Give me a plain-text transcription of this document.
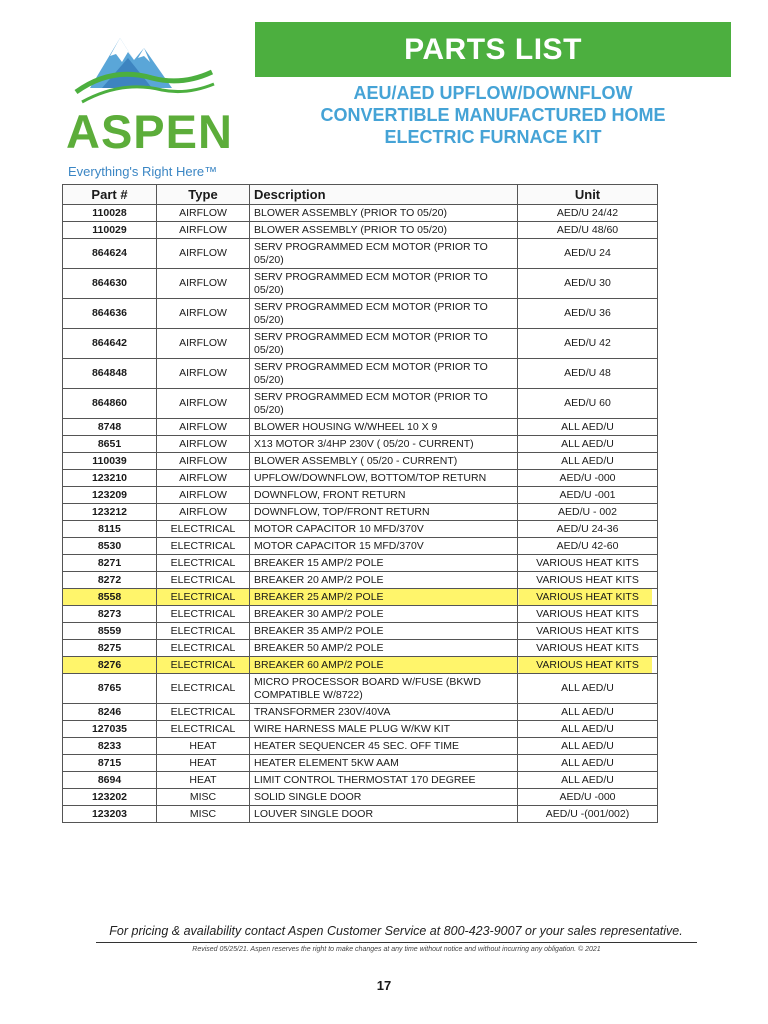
ASPEN
Everything's Right Here™
PARTS LIST
AEU/AED UPFLOW/DOWNFLOW
CONVERTIBLE MANUFACTURED HOME
ELECTRIC FURNACE KIT
Part #	Type	Description	Unit
110028	AIRFLOW	BLOWER ASSEMBLY (PRIOR TO 05/20)	AED/U 24/42
110029	AIRFLOW	BLOWER ASSEMBLY (PRIOR TO 05/20)	AED/U 48/60
864624	AIRFLOW	SERV PROGRAMMED ECM MOTOR (PRIOR TO 05/20)	AED/U 24
864630	AIRFLOW	SERV PROGRAMMED ECM MOTOR (PRIOR TO 05/20)	AED/U 30
864636	AIRFLOW	SERV PROGRAMMED ECM MOTOR (PRIOR TO 05/20)	AED/U 36
864642	AIRFLOW	SERV PROGRAMMED ECM MOTOR (PRIOR TO 05/20)	AED/U 42
864848	AIRFLOW	SERV PROGRAMMED ECM MOTOR (PRIOR TO 05/20)	AED/U 48
864860	AIRFLOW	SERV PROGRAMMED ECM MOTOR (PRIOR TO 05/20)	AED/U 60
8748	AIRFLOW	BLOWER HOUSING W/WHEEL 10 X 9	ALL AED/U
8651	AIRFLOW	X13 MOTOR 3/4HP 230V ( 05/20 - CURRENT)	ALL AED/U
110039	AIRFLOW	BLOWER ASSEMBLY ( 05/20 - CURRENT)	ALL AED/U
123210	AIRFLOW	UPFLOW/DOWNFLOW, BOTTOM/TOP RETURN	AED/U -000
123209	AIRFLOW	DOWNFLOW, FRONT RETURN	AED/U -001
123212	AIRFLOW	DOWNFLOW, TOP/FRONT RETURN	AED/U - 002
8115	ELECTRICAL	MOTOR CAPACITOR 10 MFD/370V	AED/U 24-36
8530	ELECTRICAL	MOTOR CAPACITOR 15 MFD/370V	AED/U 42-60
8271	ELECTRICAL	BREAKER 15 AMP/2 POLE	VARIOUS HEAT KITS
8272	ELECTRICAL	BREAKER 20 AMP/2 POLE	VARIOUS HEAT KITS
8558	ELECTRICAL	BREAKER 25 AMP/2 POLE	VARIOUS HEAT KITS
8273	ELECTRICAL	BREAKER 30 AMP/2 POLE	VARIOUS HEAT KITS
8559	ELECTRICAL	BREAKER 35 AMP/2 POLE	VARIOUS HEAT KITS
8275	ELECTRICAL	BREAKER 50 AMP/2 POLE	VARIOUS HEAT KITS
8276	ELECTRICAL	BREAKER 60 AMP/2 POLE	VARIOUS HEAT KITS
8765	ELECTRICAL	MICRO PROCESSOR BOARD W/FUSE (BKWD COMPATIBLE W/8722)	ALL AED/U
8246	ELECTRICAL	TRANSFORMER 230V/40VA	ALL AED/U
127035	ELECTRICAL	WIRE HARNESS MALE PLUG W/KW KIT	ALL AED/U
8233	HEAT	HEATER SEQUENCER 45 SEC. OFF TIME	ALL AED/U
8715	HEAT	HEATER ELEMENT 5KW AAM	ALL AED/U
8694	HEAT	LIMIT CONTROL THERMOSTAT 170 DEGREE	ALL AED/U
123202	MISC	SOLID SINGLE DOOR	AED/U -000
123203	MISC	LOUVER SINGLE DOOR	AED/U -(001/002)
For pricing & availability contact Aspen Customer Service at 800-423-9007 or your sales representative.
Revised 05/25/21. Aspen reserves the right to make changes at any time without notice and without incurring any obligation. © 2021
17
